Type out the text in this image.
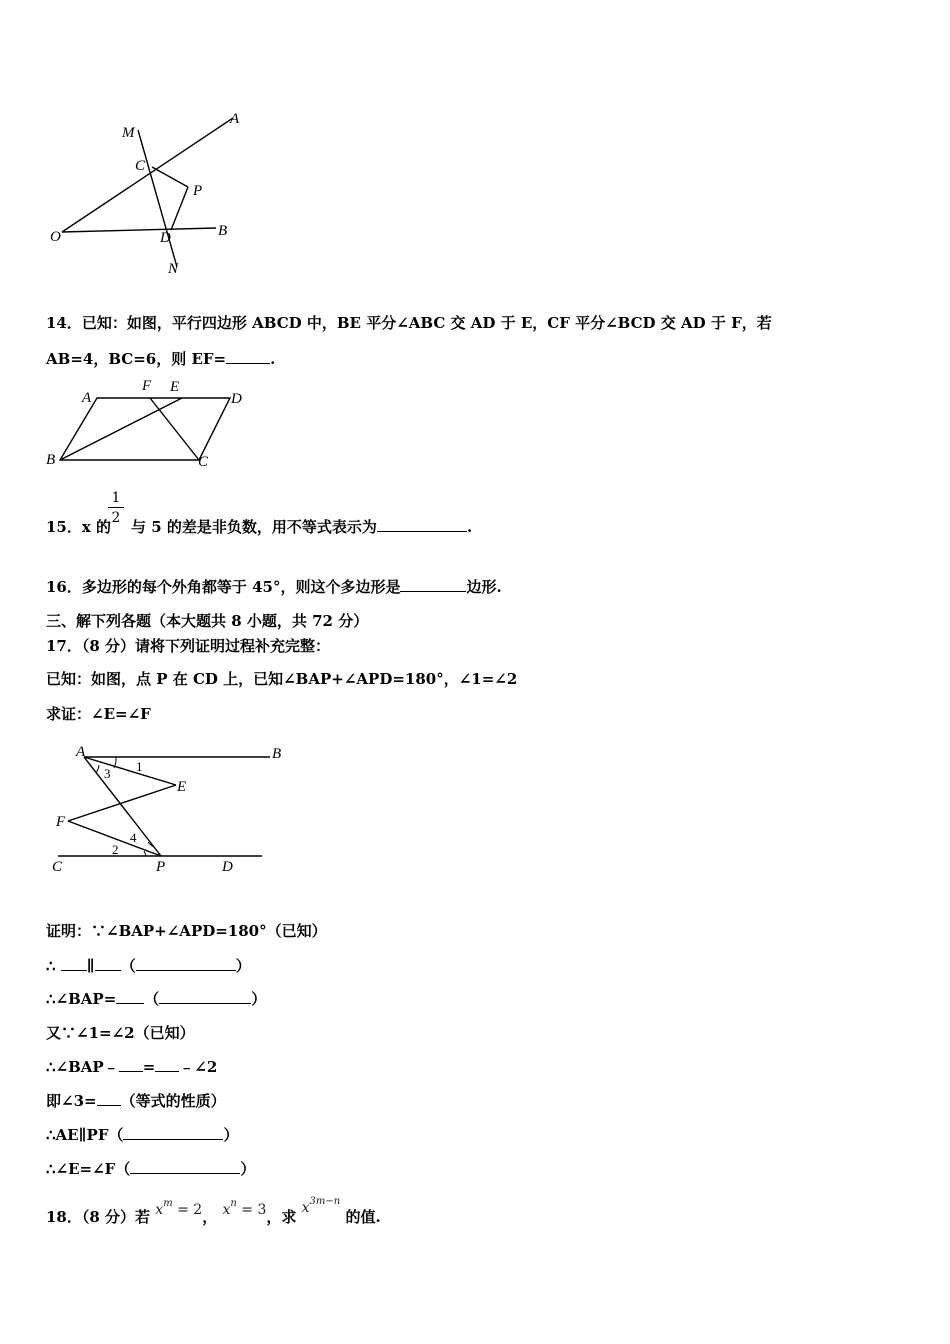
M
A
C
P
O	D	B
N
14．已知：如图，平行四边形 ABCD 中，BE 平分∠ABC 交 AD 于 E，CF 平分∠BCD 交 AD 于 F，若
AB=4，BC=6，则 EF=	.
A
F E
D
B	C
1
2
15．x 的 与 5 的差是非负数，用不等式表示为	.
16．多边形的每个外角都等于 45°，则这个多边形是	边形.
三、解下列各题（本大题共 8 小题，共 72 分）
17．（8 分）请将下列证明过程补充完整：
已知：如图，点 P 在 CD 上，已知∠BAP+∠APD=180°，∠1=∠2
求证：∠E=∠F
A	B
1
3
E
F
4
2
C	P	D
证明：∵∠BAP+∠APD=180°（已知）
∴ ∥ （	）
∴∠BAP= （	）
又∵∠1=∠2（已知）
∴∠BAP﹣ = ﹣∠2
即∠3= （等式的性质）
∴AE∥PF（	）
∴∠E=∠F（	）
18．（8 分）若 $x^m = 2$， $x^n = 3$，求 $x^{3m-n}$ 的值.
